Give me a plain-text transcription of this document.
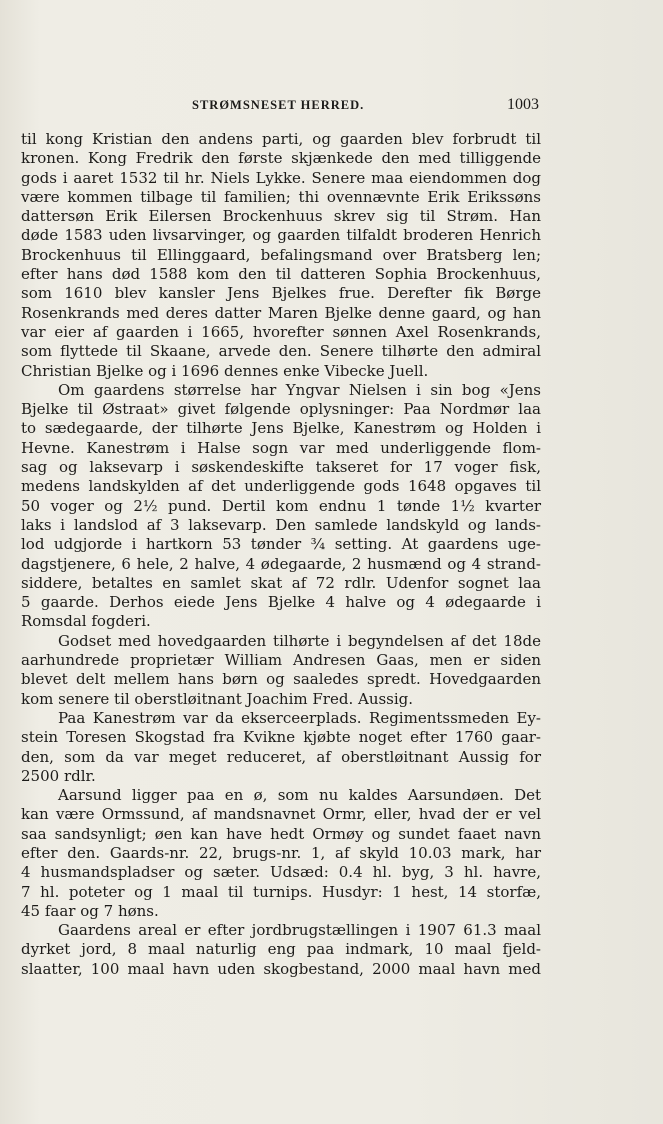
STRØMSNESET HERRED.	1003
til kong Kristian den andens parti, og gaarden blev forbrudt til
kronen. Kong Fredrik den første skjænkede den med tilliggende
gods i aaret 1532 til hr. Niels Lykke. Senere maa eiendommen dog
være kommen tilbage til familien; thi ovennævnte Erik Erikssøns
dattersøn Erik Eilersen Brockenhuus skrev sig til Strøm. Han
døde 1583 uden livsarvinger, og gaarden tilfaldt broderen Henrich
Brockenhuus til Ellinggaard, befalingsmand over Bratsberg len;
efter hans død 1588 kom den til datteren Sophia Brockenhuus,
som 1610 blev kansler Jens Bjelkes frue. Derefter fik Børge
Rosenkrands med deres datter Maren Bjelke denne gaard, og han
var eier af gaarden i 1665, hvorefter sønnen Axel Rosenkrands,
som flyttede til Skaane, arvede den. Senere tilhørte den admiral
Christian Bjelke og i 1696 dennes enke Vibecke Juell.
Om gaardens størrelse har Yngvar Nielsen i sin bog «Jens
Bjelke til Østraat» givet følgende oplysninger: Paa Nordmør laa
to sædegaarde, der tilhørte Jens Bjelke, Kanestrøm og Holden i
Hevne. Kanestrøm i Halse sogn var med underliggende flom-
sag og laksevarp i søskendeskifte takseret for 17 voger fisk,
medens landskylden af det underliggende gods 1648 opgaves til
50 voger og 2½ pund. Dertil kom endnu 1 tønde 1½ kvarter
laks i landslod af 3 laksevarp. Den samlede landskyld og lands-
lod udgjorde i hartkorn 53 tønder ¾ setting. At gaardens uge-
dagstjenere, 6 hele, 2 halve, 4 ødegaarde, 2 husmænd og 4 strand-
siddere, betaltes en samlet skat af 72 rdlr. Udenfor sognet laa
5 gaarde. Derhos eiede Jens Bjelke 4 halve og 4 ødegaarde i
Romsdal fogderi.
Godset med hovedgaarden tilhørte i begyndelsen af det 18de
aarhundrede proprietær William Andresen Gaas, men er siden
blevet delt mellem hans børn og saaledes spredt. Hovedgaarden
kom senere til oberstløitnant Joachim Fred. Aussig.
Paa Kanestrøm var da ekserceerplads. Regimentssmeden Ey-
stein Toresen Skogstad fra Kvikne kjøbte noget efter 1760 gaar-
den, som da var meget reduceret, af oberstløitnant Aussig for
2500 rdlr.
Aarsund ligger paa en ø, som nu kaldes Aarsundøen. Det
kan være Ormssund, af mandsnavnet Ormr, eller, hvad der er vel
saa sandsynligt; øen kan have hedt Ormøy og sundet faaet navn
efter den. Gaards-nr. 22, brugs-nr. 1, af skyld 10.03 mark, har
4 husmandspladser og sæter. Udsæd: 0.4 hl. byg, 3 hl. havre,
7 hl. poteter og 1 maal til turnips. Husdyr: 1 hest, 14 storfæ,
45 faar og 7 høns.
Gaardens areal er efter jordbrugstællingen i 1907 61.3 maal
dyrket jord, 8 maal naturlig eng paa indmark, 10 maal fjeld-
slaatter, 100 maal havn uden skogbestand, 2000 maal havn med
